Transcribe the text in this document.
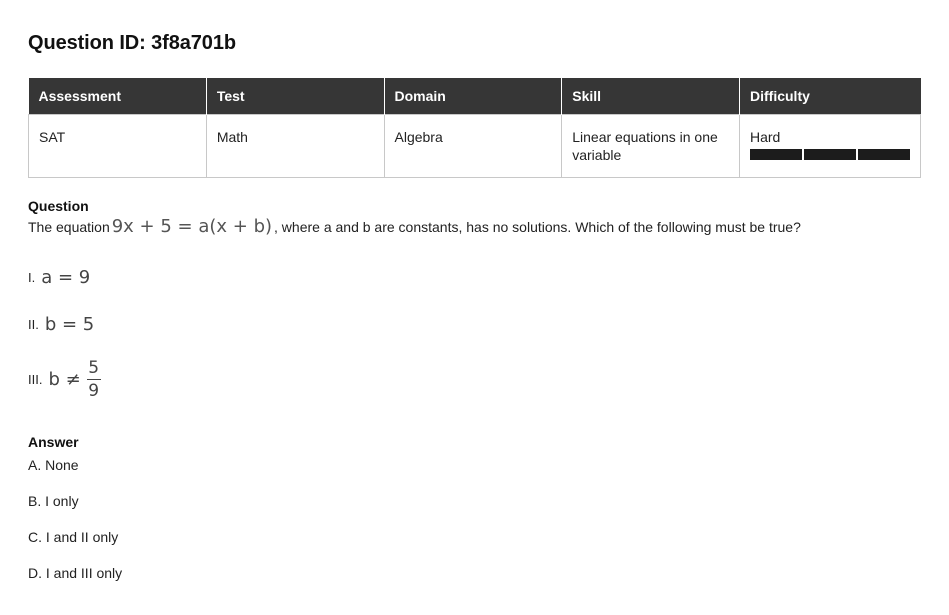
Question ID: 3f8a701b
Assessment	Test	Domain	Skill	Difficulty
SAT	Math	Algebra	Linear equations in one variable	Hard
Question
The equation 9x + 5 = a(x + b) , where a and b are constants, has no solutions. Which of the following must be true?
I. a = 9
II. b = 5
III. $b \ne \frac{5}{9}$
Answer
A. None
B. I only
C. I and II only
D. I and III only
